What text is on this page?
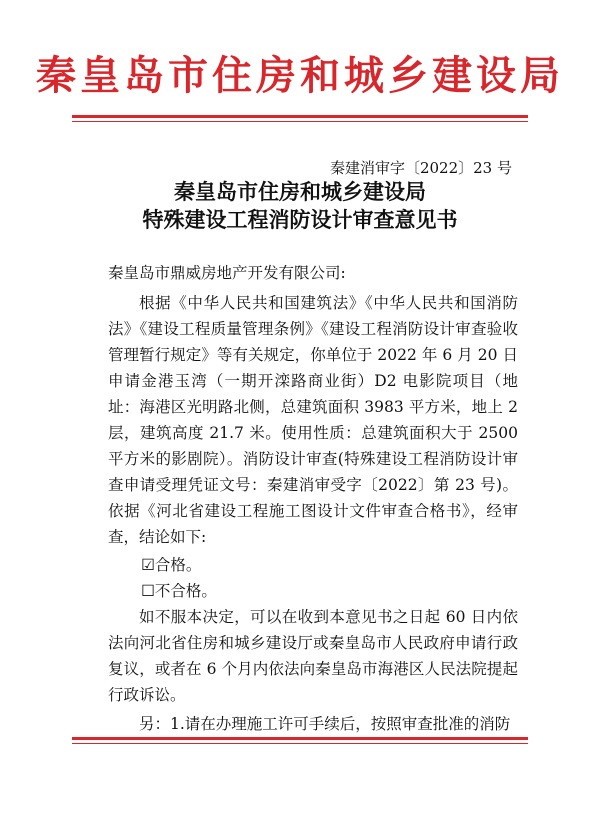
秦皇岛市住房和城乡建设局
秦建消审字〔2022〕23 号
秦皇岛市住房和城乡建设局
特殊建设工程消防设计审查意见书
秦皇岛市鼎威房地产开发有限公司:
根据《中华人民共和国建筑法》《中华人民共和国消防法》《建设工程质量管理条例》《建设工程消防设计审查验收管理暂行规定》等有关规定，你单位于 2022 年 6 月 20 日申请金港玉湾（一期开滦路商业街）D2 电影院项目（地址：海港区光明路北侧，总建筑面积 3983 平方米，地上 2 层，建筑高度 21.7 米。使用性质：总建筑面积大于 2500 平方米的影剧院）。消防设计审查(特殊建设工程消防设计审查申请受理凭证文号：秦建消审受字〔2022〕第 23 号)。依据《河北省建设工程施工图设计文件审查合格书》，经审查，结论如下:
☑合格。
☐不合格。
如不服本决定，可以在收到本意见书之日起 60 日内依法向河北省住房和城乡建设厅或秦皇岛市人民政府申请行政复议，或者在 6 个月内依法向秦皇岛市海港区人民法院提起行政诉讼。
另：1.请在办理施工许可手续后，按照审查批准的消防
